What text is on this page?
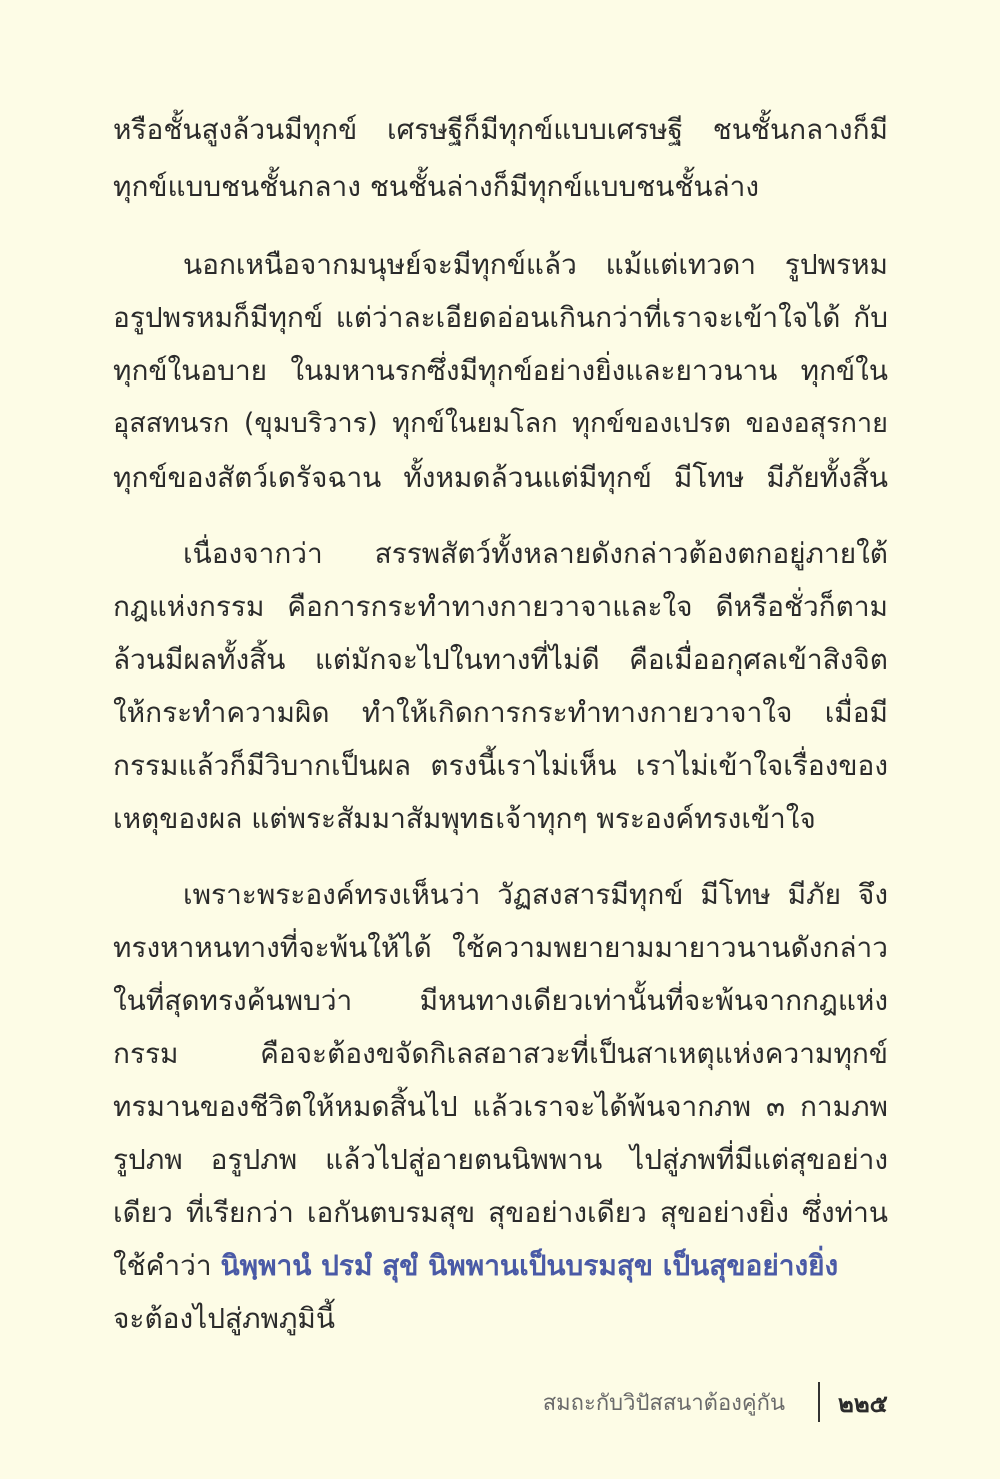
หรือชั้นสูงล้วนมีทุกข์ เศรษฐีก็มีทุกข์แบบเศรษฐี ชนชั้นกลางก็มี
ทุกข์แบบชนชั้นกลาง ชนชั้นล่างก็มีทุกข์แบบชนชั้นล่าง
นอกเหนือจากมนุษย์จะมีทุกข์แล้ว แม้แต่เทวดา รูปพรหม
อรูปพรหมก็มีทุกข์ แต่ว่าละเอียดอ่อนเกินกว่าที่เราจะเข้าใจได้ กับ
ทุกข์ในอบาย ในมหานรกซึ่งมีทุกข์อย่างยิ่งและยาวนาน ทุกข์ใน
อุสสทนรก (ขุมบริวาร) ทุกข์ในยมโลก ทุกข์ของเปรต ของอสุรกาย
ทุกข์ของสัตว์เดรัจฉาน ทั้งหมดล้วนแต่มีทุกข์ มีโทษ มีภัยทั้งสิ้น
เนื่องจากว่า สรรพสัตว์ทั้งหลายดังกล่าวต้องตกอยู่ภายใต้
กฎแห่งกรรม คือการกระทำทางกายวาจาและใจ ดีหรือชั่วก็ตาม
ล้วนมีผลทั้งสิ้น แต่มักจะไปในทางที่ไม่ดี คือเมื่ออกุศลเข้าสิงจิต
ให้กระทำความผิด ทำให้เกิดการกระทำทางกายวาจาใจ เมื่อมี
กรรมแล้วก็มีวิบากเป็นผล ตรงนี้เราไม่เห็น เราไม่เข้าใจเรื่องของ
เหตุของผล แต่พระสัมมาสัมพุทธเจ้าทุกๆ พระองค์ทรงเข้าใจ
เพราะพระองค์ทรงเห็นว่า วัฏสงสารมีทุกข์ มีโทษ มีภัย จึง
ทรงหาหนทางที่จะพ้นให้ได้ ใช้ความพยายามมายาวนานดังกล่าว
ในที่สุดทรงค้นพบว่า มีหนทางเดียวเท่านั้นที่จะพ้นจากกฎแห่ง
กรรม คือจะต้องขจัดกิเลสอาสวะที่เป็นสาเหตุแห่งความทุกข์
ทรมานของชีวิตให้หมดสิ้นไป แล้วเราจะได้พ้นจากภพ ๓ กามภพ
รูปภพ อรูปภพ แล้วไปสู่อายตนนิพพาน ไปสู่ภพที่มีแต่สุขอย่าง
เดียว ที่เรียกว่า เอกันตบรมสุข สุขอย่างเดียว สุขอย่างยิ่ง ซึ่งท่าน
ใช้คำว่า นิพฺพานํ ปรมํ สุขํ นิพพานเป็นบรมสุข เป็นสุขอย่างยิ่ง
จะต้องไปสู่ภพภูมินี้
สมถะกับวิปัสสนาต้องคู่กัน ๒๒๕
